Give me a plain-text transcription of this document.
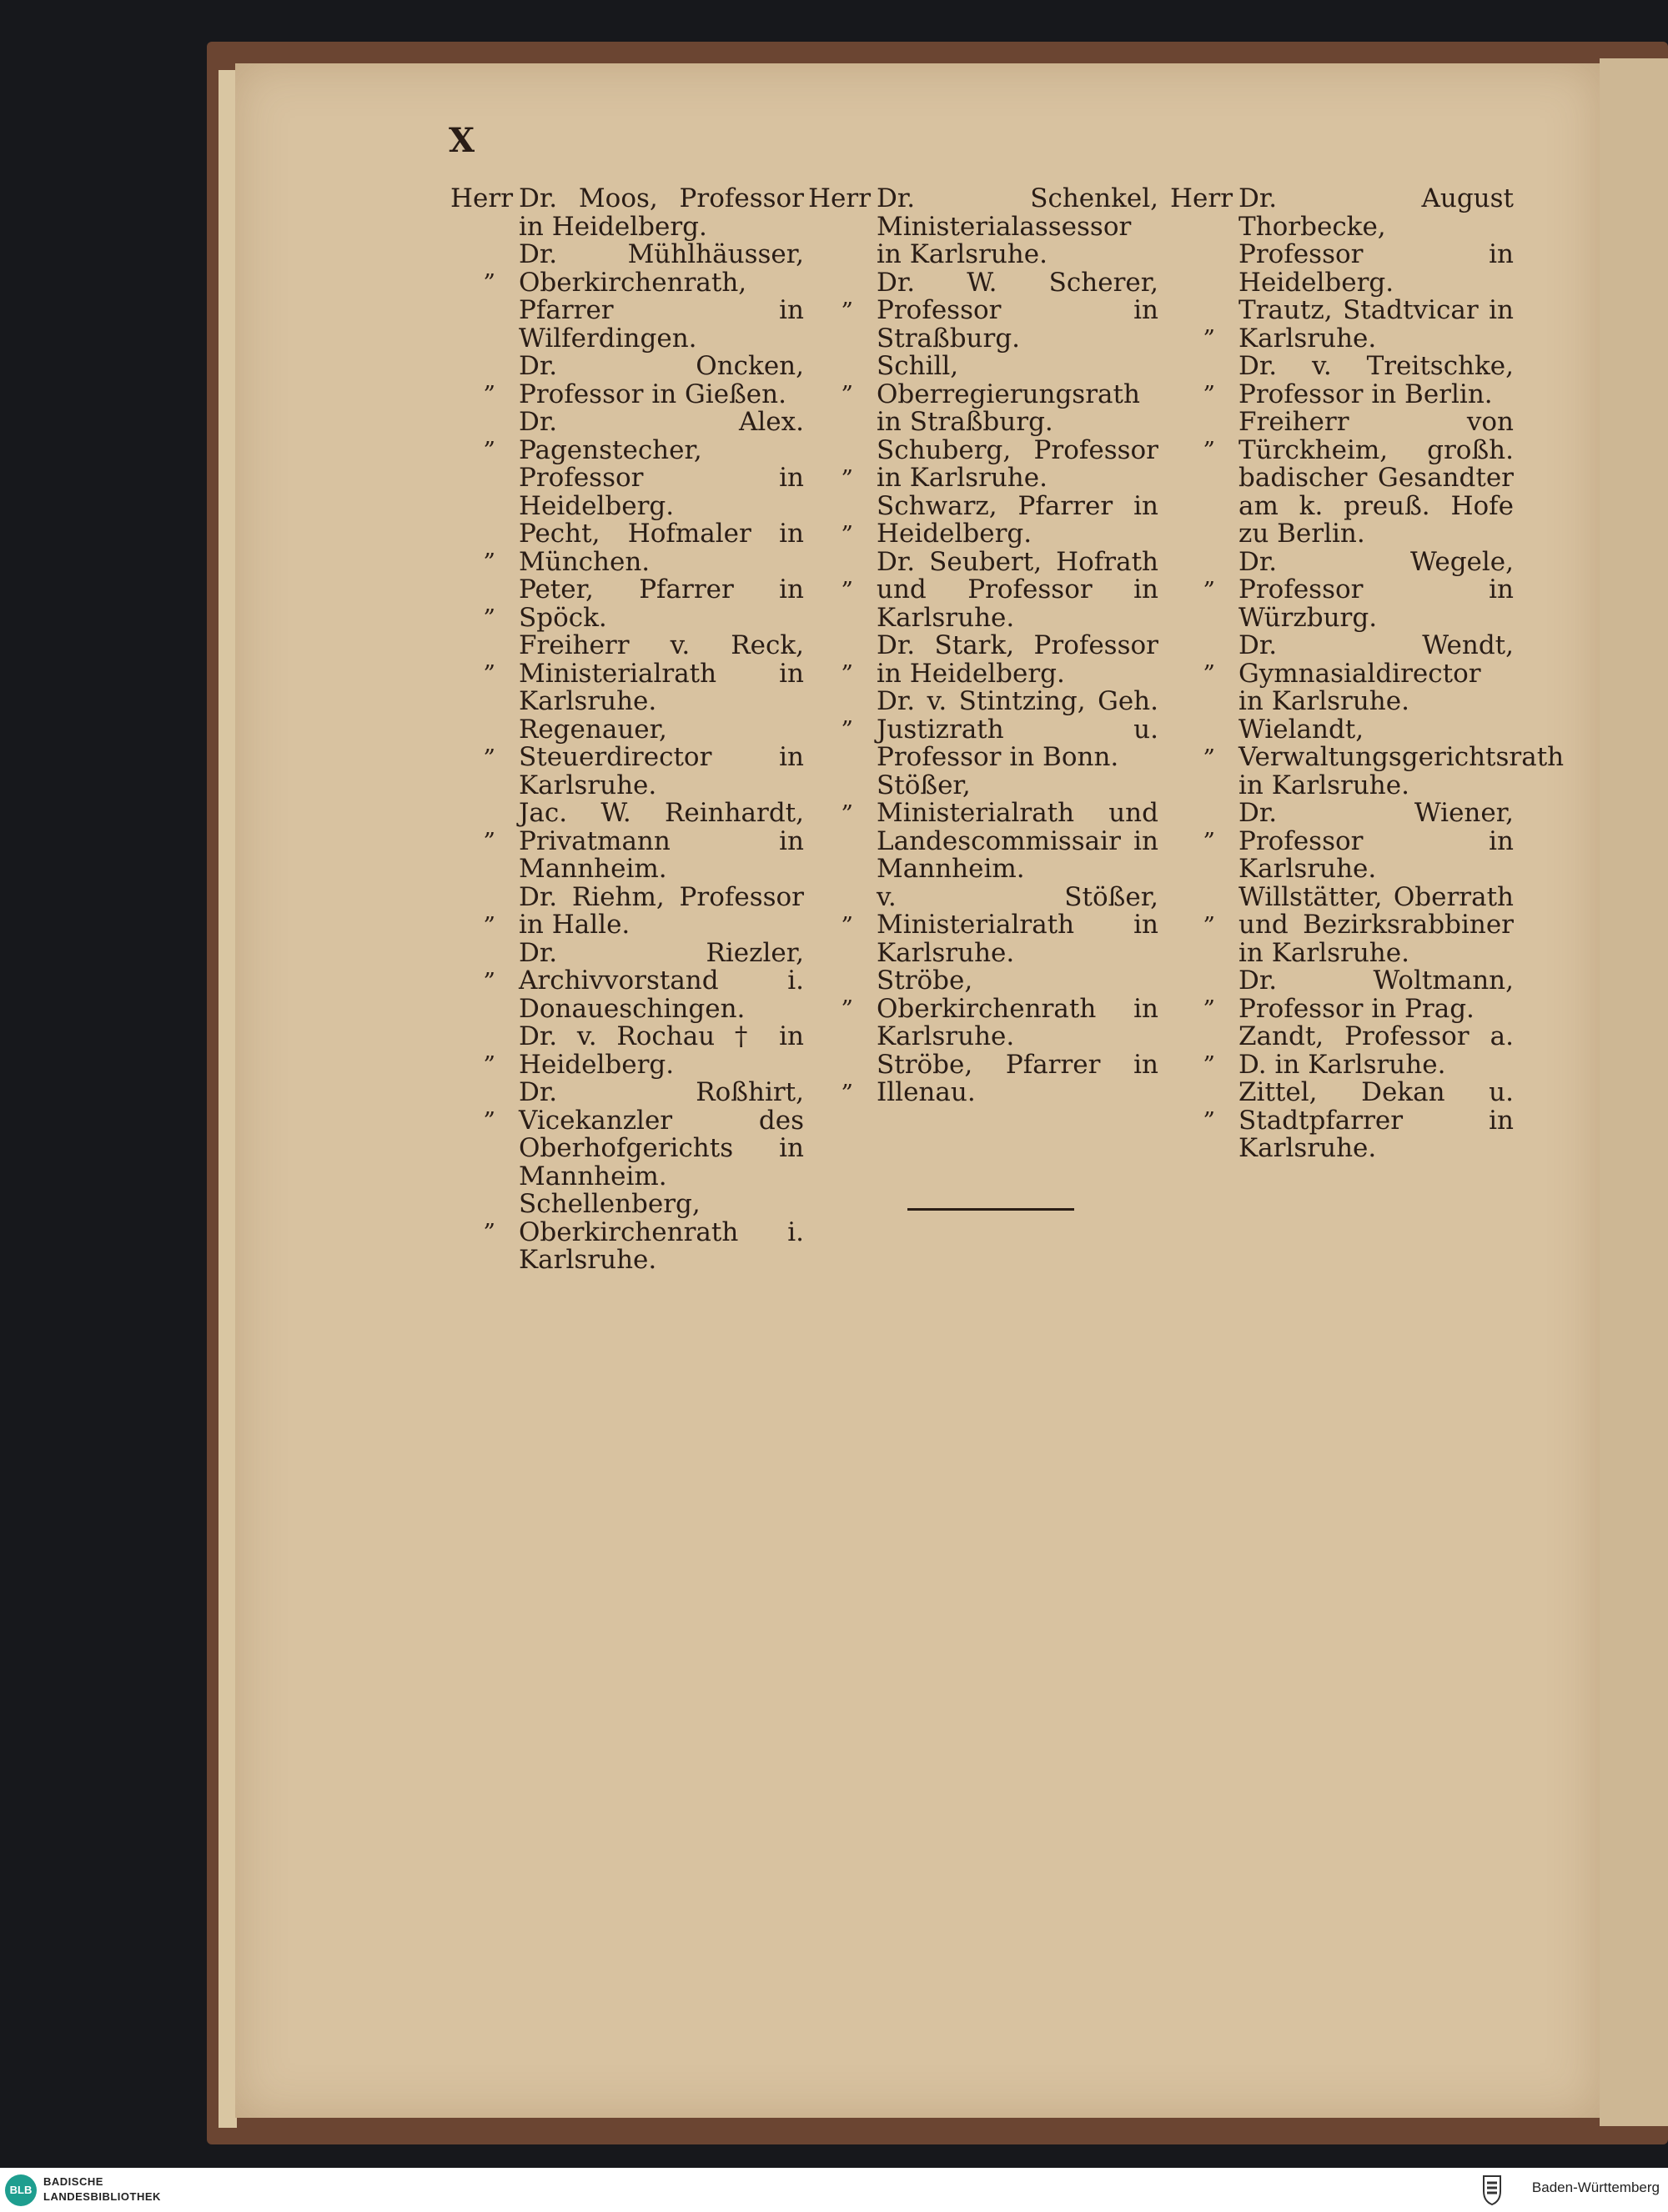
X
Herr Dr. Moos, Professor in Heidelberg.
„ Dr. Mühlhäusser, Oberkirchenrath, Pfarrer in Wilferdingen.
„ Dr. Oncken, Professor in Gießen.
„ Dr. Alex. Pagenstecher, Professor in Heidelberg.
„ Pecht, Hofmaler in München.
„ Peter, Pfarrer in Spöck.
„ Freiherr v. Reck, Ministerialrath in Karlsruhe.
„ Regenauer, Steuerdirector in Karlsruhe.
„ Jac. W. Reinhardt, Privatmann in Mannheim.
„ Dr. Riehm, Professor in Halle.
„ Dr. Riezler, Archivvorstand i. Donaueschingen.
„ Dr. v. Rochau † in Heidelberg.
„ Dr. Roßhirt, Vicekanzler des Oberhofgerichts in Mannheim.
„ Schellenberg, Oberkirchenrath i. Karlsruhe.
Herr Dr. Schenkel, Ministerialassessor in Karlsruhe.
„ Dr. W. Scherer, Professor in Straßburg.
„ Schill, Oberregierungsrath in Straßburg.
„ Schuberg, Professor in Karlsruhe.
„ Schwarz, Pfarrer in Heidelberg.
„ Dr. Seubert, Hofrath und Professor in Karlsruhe.
„ Dr. Stark, Professor in Heidelberg.
„ Dr. v. Stintzing, Geh. Justizrath u. Professor in Bonn.
„ Stößer, Ministerialrath und Landescommissair in Mannheim.
„ v. Stößer, Ministerialrath in Karlsruhe.
„ Ströbe, Oberkirchenrath in Karlsruhe.
„ Ströbe, Pfarrer in Illenau.
Herr Dr. August Thorbecke, Professor in Heidelberg.
„ Trautz, Stadtvicar in Karlsruhe.
„ Dr. v. Treitschke, Professor in Berlin.
„ Freiherr von Türckheim, großh. badischer Gesandter am k. preuß. Hofe zu Berlin.
„ Dr. Wegele, Professor in Würzburg.
„ Dr. Wendt, Gymnasialdirector in Karlsruhe.
„ Wielandt, Verwaltungsgerichtsrath in Karlsruhe.
„ Dr. Wiener, Professor in Karlsruhe.
„ Willstätter, Oberrath und Bezirksrabbiner in Karlsruhe.
„ Dr. Woltmann, Professor in Prag.
„ Zandt, Professor a. D. in Karlsruhe.
„ Zittel, Dekan u. Stadtpfarrer in Karlsruhe.
BLB
BADISCHE
LANDESBIBLIOTHEK
Baden-Württemberg
